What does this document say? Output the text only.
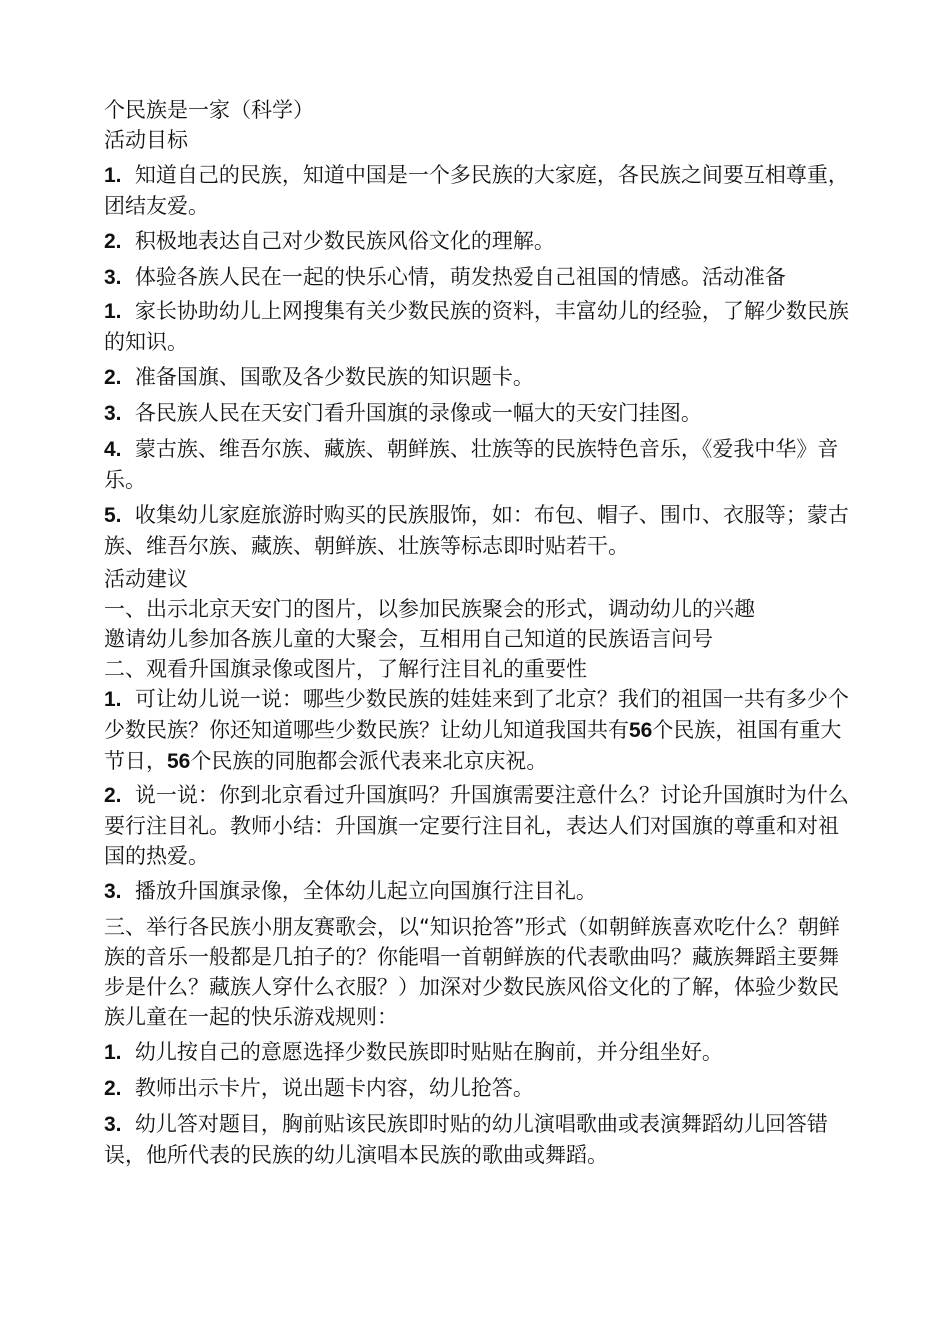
个民族是一家（科学）

活动目标

1. 知道自己的民族，知道中国是一个多民族的大家庭，各民族之间要互相尊重，团结友爱。

2. 积极地表达自己对少数民族风俗文化的理解。

3. 体验各族人民在一起的快乐心情，萌发热爱自己祖国的情感。活动准备

1. 家长协助幼儿上网搜集有关少数民族的资料，丰富幼儿的经验，了解少数民族的知识。

2. 准备国旗、国歌及各少数民族的知识题卡。

3. 各民族人民在天安门看升国旗的录像或一幅大的天安门挂图。

4. 蒙古族、维吾尔族、藏族、朝鲜族、壮族等的民族特色音乐，《爱我中华》音乐。

5. 收集幼儿家庭旅游时购买的民族服饰，如：布包、帽子、围巾、衣服等；蒙古族、维吾尔族、藏族、朝鲜族、壮族等标志即时贴若干。

活动建议

一、出示北京天安门的图片，以参加民族聚会的形式，调动幼儿的兴趣

邀请幼儿参加各族儿童的大聚会，互相用自己知道的民族语言问号

二、观看升国旗录像或图片，了解行注目礼的重要性

1. 可让幼儿说一说：哪些少数民族的娃娃来到了北京？我们的祖国一共有多少个少数民族？你还知道哪些少数民族？让幼儿知道我国共有56个民族，祖国有重大节日，56个民族的同胞都会派代表来北京庆祝。

2. 说一说：你到北京看过升国旗吗？升国旗需要注意什么？讨论升国旗时为什么要行注目礼。教师小结：升国旗一定要行注目礼，表达人们对国旗的尊重和对祖国的热爱。

3. 播放升国旗录像，全体幼儿起立向国旗行注目礼。

三、举行各民族小朋友赛歌会，以“知识抢答”形式（如朝鲜族喜欢吃什么？朝鲜族的音乐一般都是几拍子的？你能唱一首朝鲜族的代表歌曲吗？藏族舞蹈主要舞步是什么？藏族人穿什么衣服？）加深对少数民族风俗文化的了解，体验少数民族儿童在一起的快乐游戏规则：

1. 幼儿按自己的意愿选择少数民族即时贴贴在胸前，并分组坐好。

2. 教师出示卡片，说出题卡内容，幼儿抢答。

3. 幼儿答对题目，胸前贴该民族即时贴的幼儿演唱歌曲或表演舞蹈幼儿回答错误，他所代表的民族的幼儿演唱本民族的歌曲或舞蹈。
